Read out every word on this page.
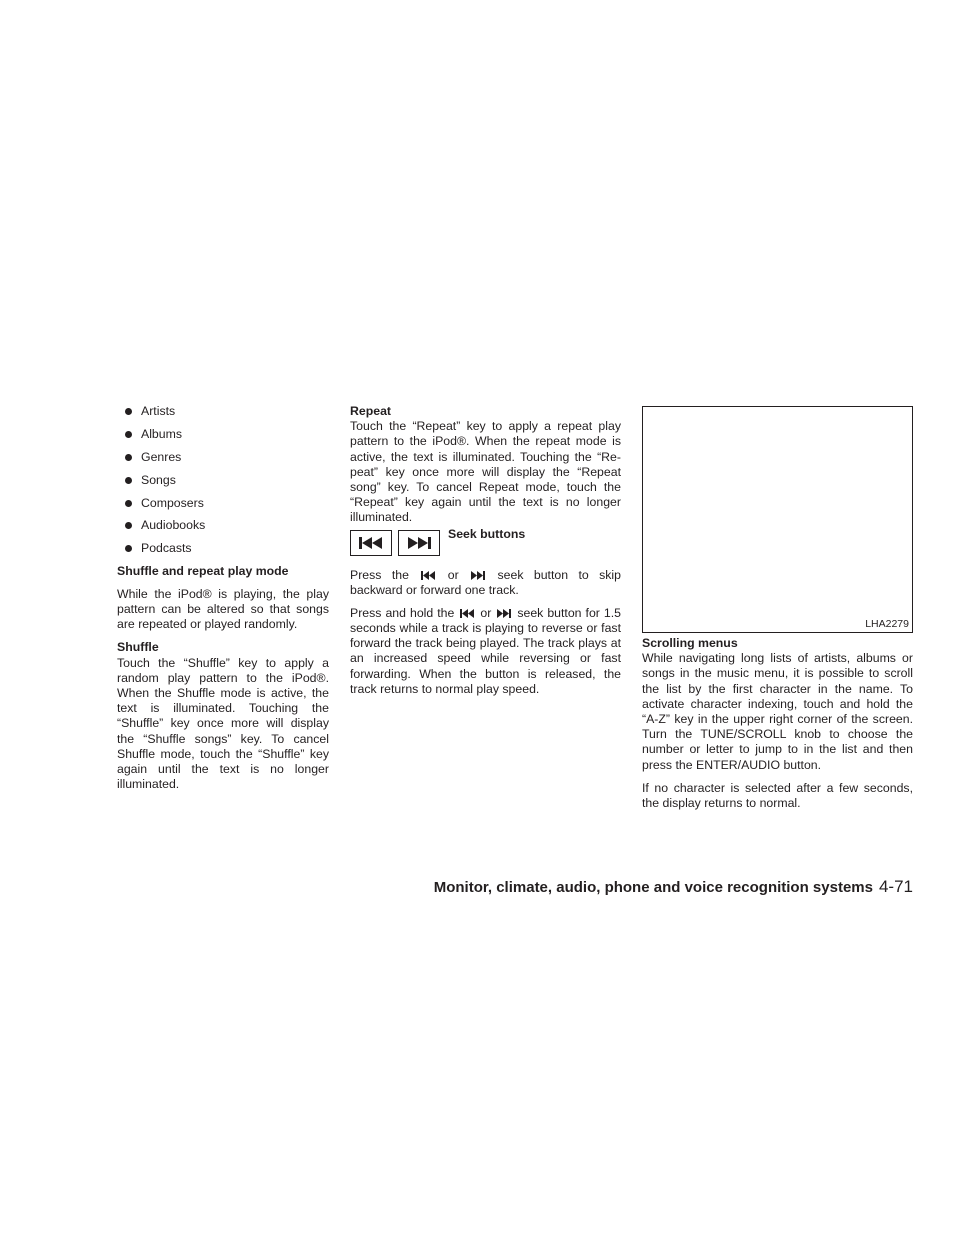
Artists
Albums
Genres
Songs
Composers
Audiobooks
Podcasts
Shuffle and repeat play mode

While the iPod® is playing, the play pattern can be altered so that songs are repeated or played randomly.

Shuffle

Touch the “Shuffle” key to apply a random play pattern to the iPod®. When the Shuffle mode is active, the text is illuminated. Touching the “Shuffle” key once more will display the “Shuffle songs” key. To cancel Shuffle mode, touch the “Shuffle” key again until the text is no longer illuminated.

Repeat

Touch the “Repeat” key to apply a repeat play pattern to the iPod®. When the repeat mode is active, the text is illuminated. Touching the “Re-peat” key once more will display the “Repeat song” key. To cancel Repeat mode, touch the “Repeat” key again until the text is no longer illuminated.

Seek buttons

Press the	or	seek button to skip backward or forward one track.

Press and hold the or seek button for 1.5 seconds while a track is playing to reverse or fast forward the track being played. The track plays at an increased speed while reversing or fast forwarding. When the button is released, the track returns to normal play speed.

LHA2279
Scrolling menus

While navigating long lists of artists, albums or songs in the music menu, it is possible to scroll the list by the first character in the name. To activate character indexing, touch and hold the “A-Z” key in the upper right corner of the screen. Turn the TUNE/SCROLL knob to choose the number or letter to jump to in the list and then press the ENTER/AUDIO button.

If no character is selected after a few seconds, the display returns to normal.

Monitor, climate, audio, phone and voice recognition systems 4-71
